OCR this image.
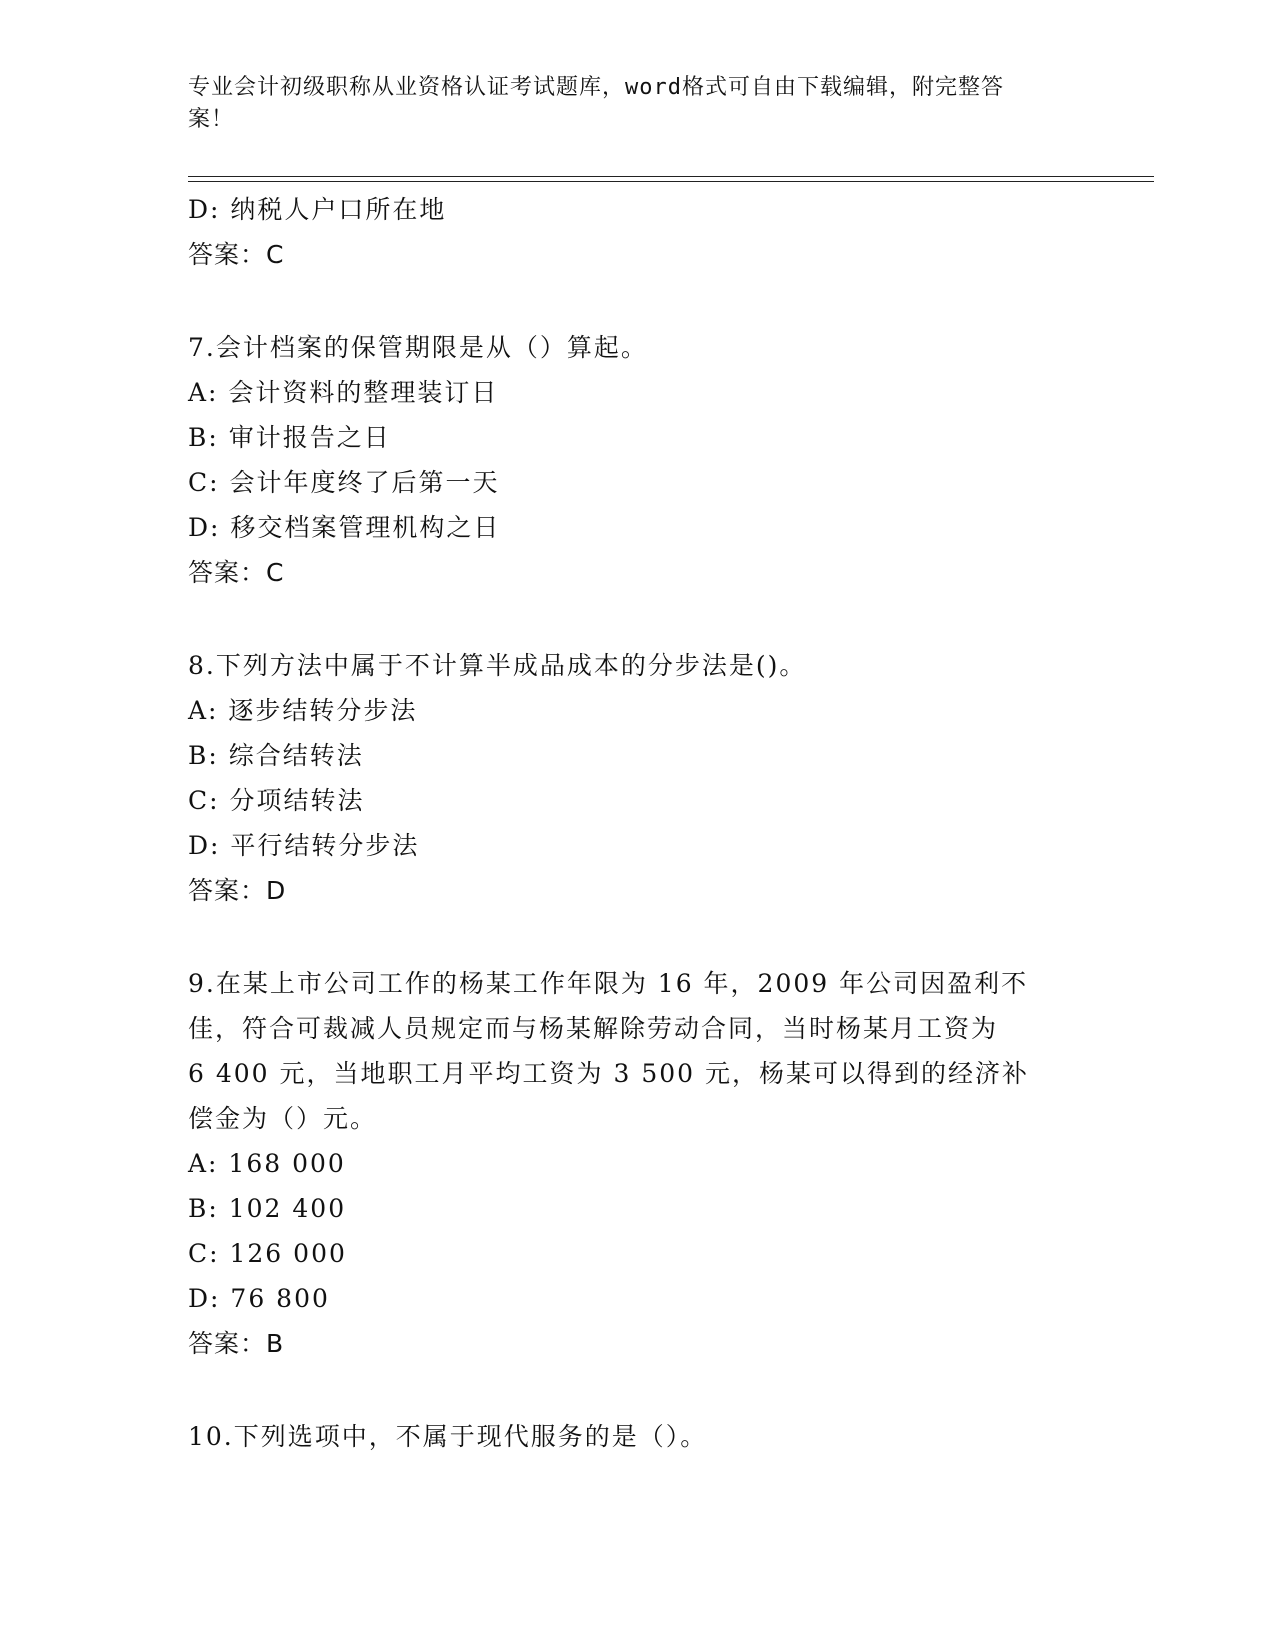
专业会计初级职称从业资格认证考试题库，word格式可自由下载编辑，附完整答
案！
D: 纳税人户口所在地
答案：C
7.会计档案的保管期限是从（）算起。
A: 会计资料的整理装订日
B: 审计报告之日
C: 会计年度终了后第一天
D: 移交档案管理机构之日
答案：C
8.下列方法中属于不计算半成品成本的分步法是()。
A: 逐步结转分步法
B: 综合结转法
C: 分项结转法
D: 平行结转分步法
答案：D
9.在某上市公司工作的杨某工作年限为 16 年，2009 年公司因盈利不
佳，符合可裁减人员规定而与杨某解除劳动合同，当时杨某月工资为
6 400 元，当地职工月平均工资为 3 500 元，杨某可以得到的经济补
偿金为（）元。
A: 168 000
B: 102 400
C: 126 000
D: 76 800
答案：B
10.下列选项中，不属于现代服务的是（）。
